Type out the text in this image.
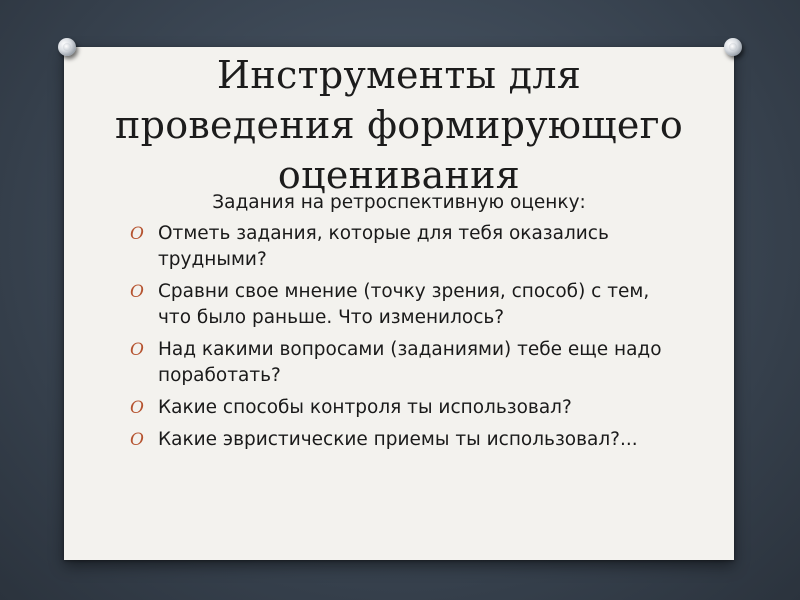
Инструменты для
проведения формирующего
оценивания
Задания на ретроспективную оценку:
O Отметь задания, которые для тебя оказались трудными?
O Сравни свое мнение (точку зрения, способ) с тем, что было раньше. Что изменилось?
O Над какими вопросами (заданиями) тебе еще надо поработать?
O Какие способы контроля ты использовал?
O Какие эвристические приемы ты использовал?...
